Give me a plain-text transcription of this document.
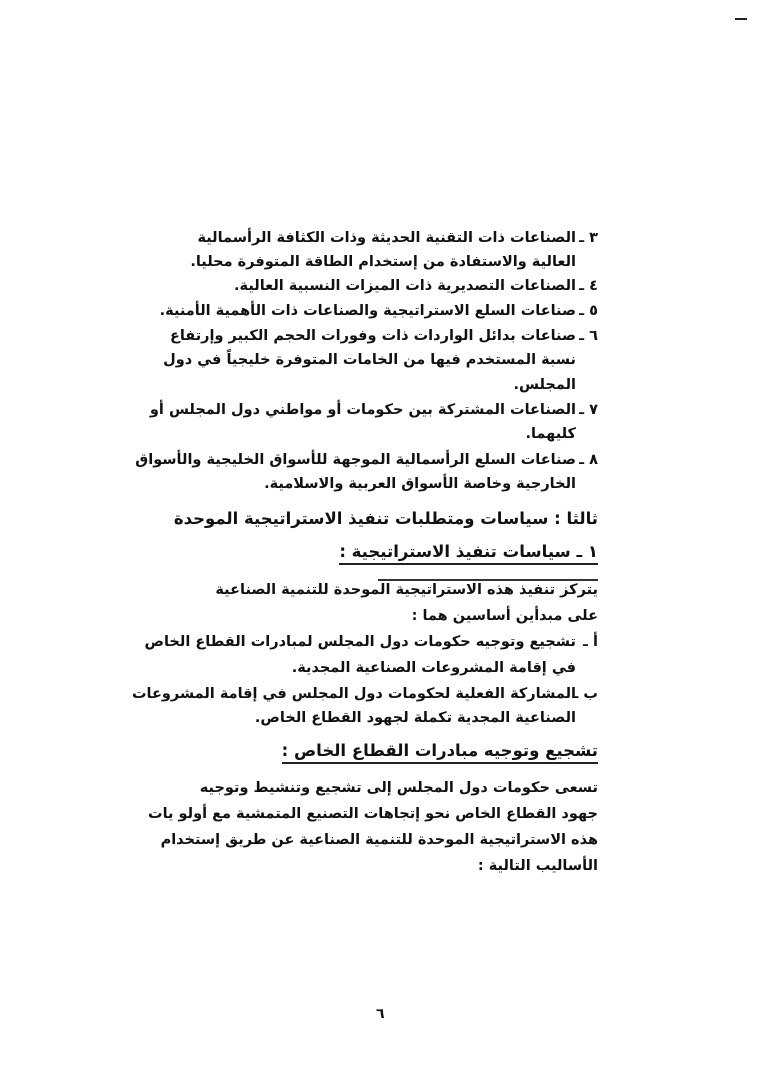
٣ ـ
الصناعات ذات التقنية الحديثة وذات الكثافة الرأسمالية
العالية والاستفادة من إستخدام الطاقة المتوفرة محليا.
٤ ـ
الصناعات التصديرية ذات الميزات النسبية العالية.
٥ ـ
صناعات السلع الاستراتيجية والصناعات ذات الأهمية الأمنية.
٦ ـ
صناعات بدائل الواردات ذات وفورات الحجم الكبير وإرتفاع
نسبة المستخدم فيها من الخامات المتوفرة خليجياً في دول
المجلس.
٧ ـ
الصناعات المشتركة بين حكومات أو مواطني دول المجلس أو
كليهما.
٨ ـ
صناعات السلع الرأسمالية الموجهة للأسواق الخليجية والأسواق
الخارجية وخاصة الأسواق العربية والاسلامية.
ثالثا : سياسات ومتطلبات تنفيذ الاستراتيجية الموحدة
١ ـ سياسات تنفيذ الاستراتيجية :
يتركز تنفيذ هذه الاستراتيجية الموحدة للتنمية الصناعية
على مبدأين أساسين هما :
أ ـ
تشجيع وتوجيه حكومات دول المجلس لمبادرات القطاع الخاص
في إقامة المشروعات الصناعية المجدية.
ب ـ
المشاركة الفعلية لحكومات دول المجلس في إقامة المشروعات
الصناعية المجدية تكملة لجهود القطاع الخاص.
تشجيع وتوجيه مبادرات القطاع الخاص :
تسعى حكومات دول المجلس إلى تشجيع وتنشيط وتوجيه
جهود القطاع الخاص نحو إتجاهات التصنيع المتمشية مع أولو يات
هذه الاستراتيجية الموحدة للتنمية الصناعية عن طريق إستخدام
الأساليب التالية :
٦
